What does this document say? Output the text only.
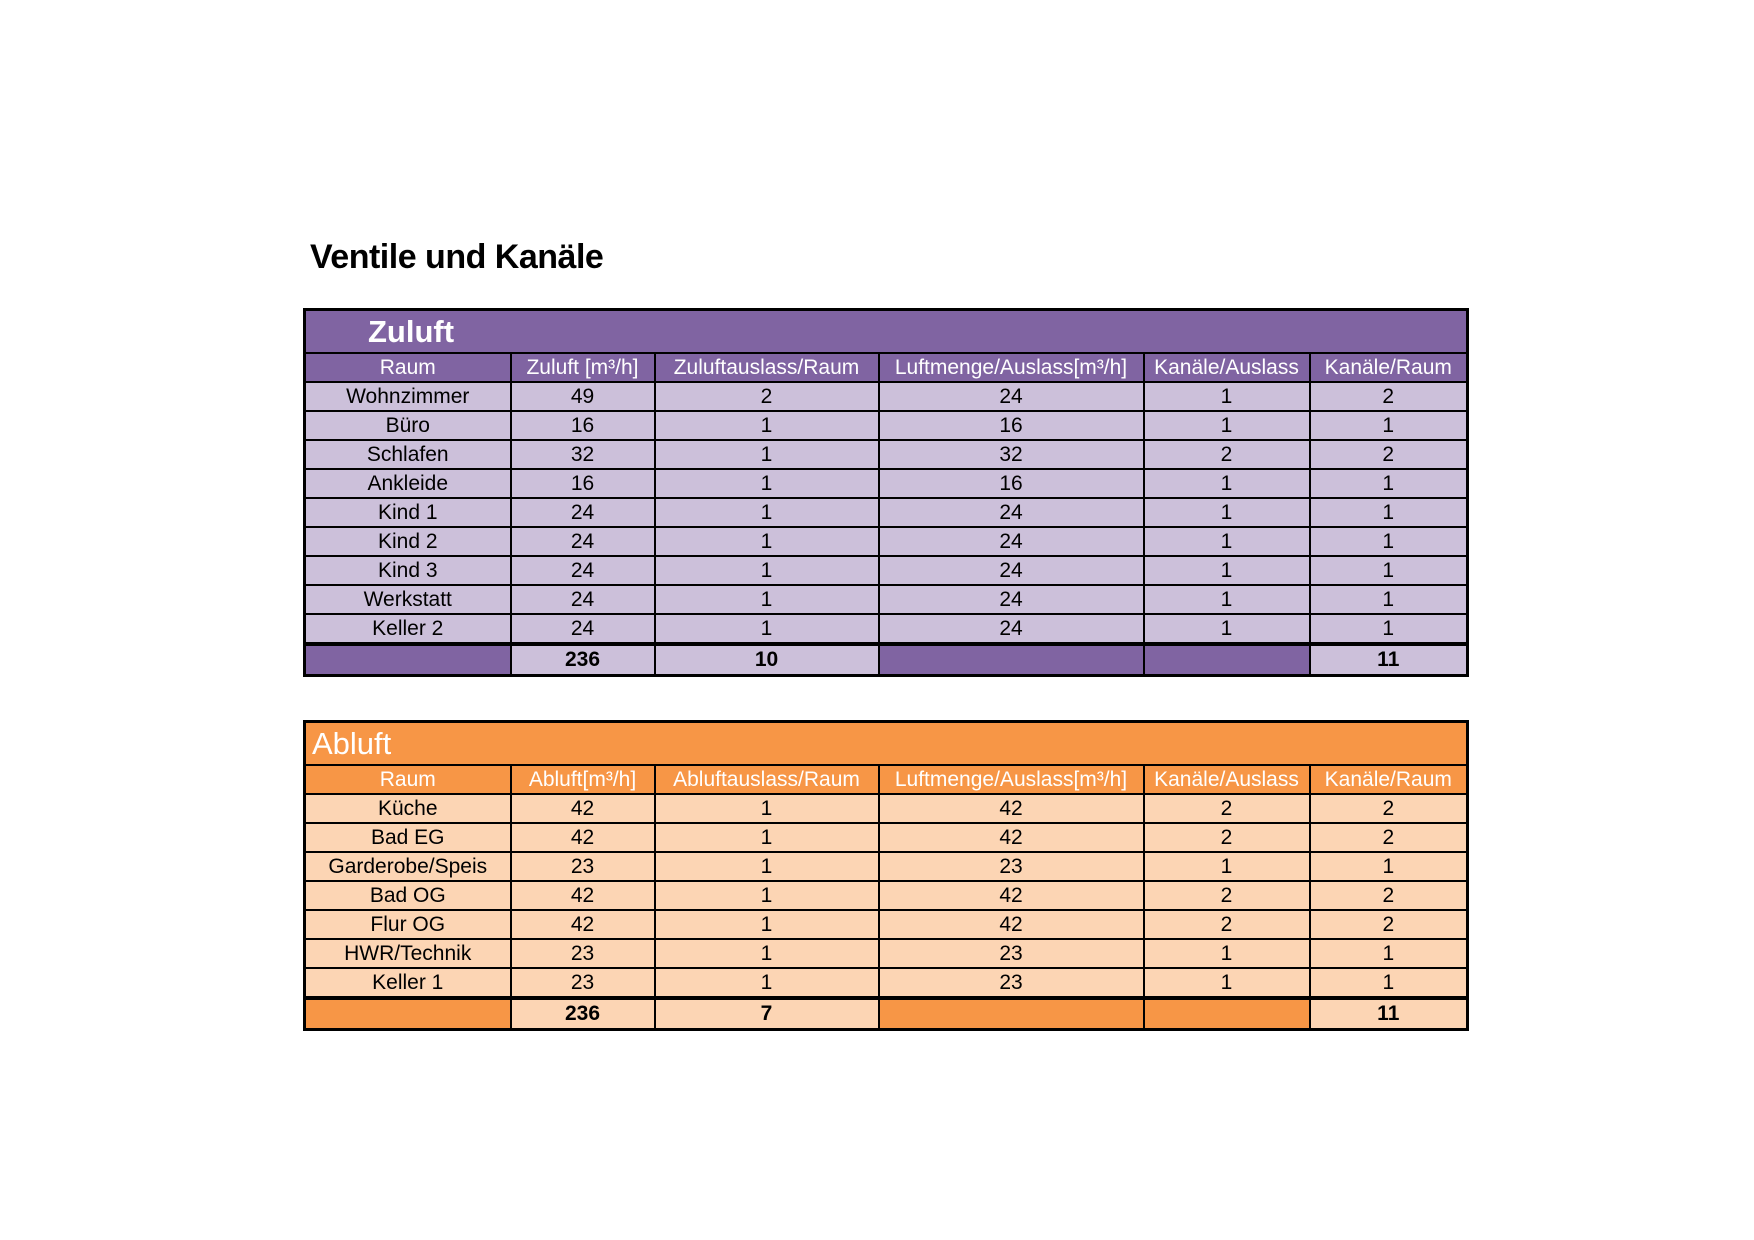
Ventile und Kanäle
Zuluft					
Raum	Zuluft [m³/h]	Zuluftauslass/Raum	Luftmenge/Auslass[m³/h]	Kanäle/Auslass	Kanäle/Raum
Wohnzimmer	49	2	24	1	2
Büro	16	1	16	1	1
Schlafen	32	1	32	2	2
Ankleide	16	1	16	1	1
Kind 1	24	1	24	1	1
Kind 2	24	1	24	1	1
Kind 3	24	1	24	1	1
Werkstatt	24	1	24	1	1
Keller 2	24	1	24	1	1
	236	10			11
Abluft					
Raum	Abluft[m³/h]	Abluftauslass/Raum	Luftmenge/Auslass[m³/h]	Kanäle/Auslass	Kanäle/Raum
Küche	42	1	42	2	2
Bad EG	42	1	42	2	2
Garderobe/Speis	23	1	23	1	1
Bad OG	42	1	42	2	2
Flur OG	42	1	42	2	2
HWR/Technik	23	1	23	1	1
Keller 1	23	1	23	1	1
	236	7			11
